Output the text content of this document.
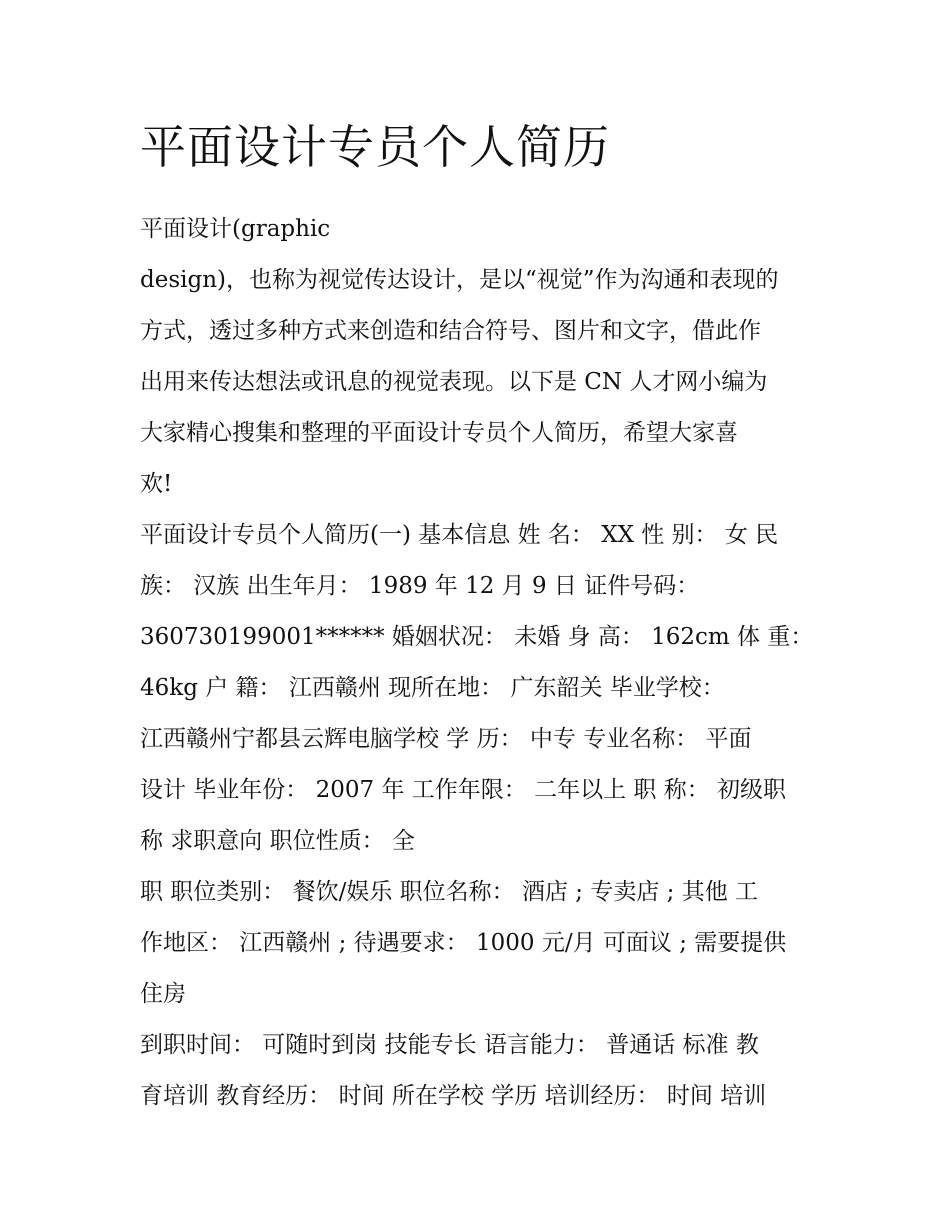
平面设计专员个人简历

平面设计(graphic

design)，也称为视觉传达设计，是以“视觉”作为沟通和表现的

方式，透过多种方式来创造和结合符号、图片和文字，借此作

出用来传达想法或讯息的视觉表现。以下是 CN 人才网小编为

大家精心搜集和整理的平面设计专员个人简历，希望大家喜

欢!

平面设计专员个人简历(一) 基本信息 姓 名： XX 性 别： 女 民

族： 汉族 出生年月： 1989 年 12 月 9 日 证件号码：

360730199001****** 婚姻状况： 未婚 身 高： 162cm 体 重：

46kg 户 籍： 江西赣州 现所在地： 广东韶关 毕业学校：

江西赣州宁都县云辉电脑学校 学 历： 中专 专业名称： 平面

设计 毕业年份： 2007 年 工作年限： 二年以上 职 称： 初级职

称 求职意向 职位性质： 全

职 职位类别： 餐饮/娱乐 职位名称： 酒店 ; 专卖店 ; 其他 工

作地区： 江西赣州 ; 待遇要求： 1000 元/月 可面议 ; 需要提供

住房

到职时间： 可随时到岗 技能专长 语言能力： 普通话 标准 教

育培训 教育经历： 时间 所在学校 学历 培训经历： 时间 培训
